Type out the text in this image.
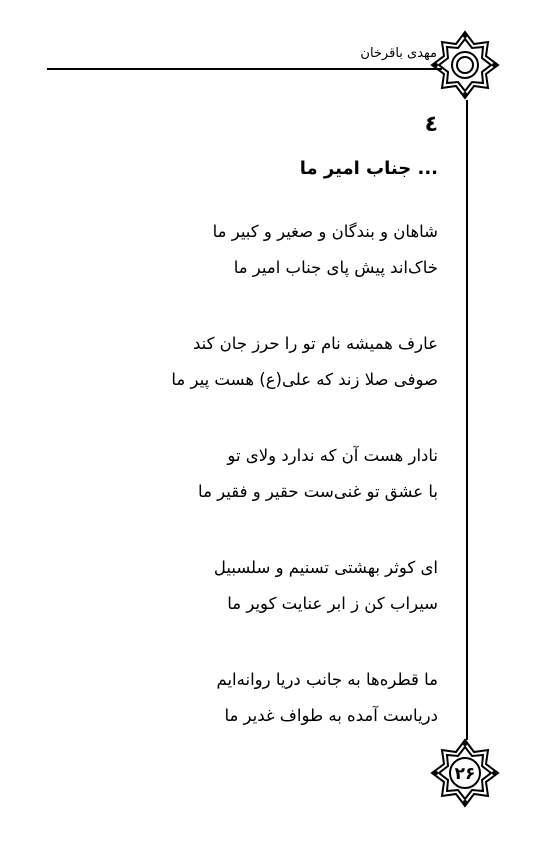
مهدی باقرخان
٤
... جناب امیر ما
شاهان و بندگان و صغیر و کبیر ما
خاک‌اند پیش پای جناب امیر ما
عارف همیشه نام تو را حرز جان کند
صوفی صلا زند که علی(ع) هست پیر ما
نادار هست آن که ندارد ولای تو
با عشق تو غنی‌ست حقیر و فقیر ما
ای کوثر بهشتی تسنیم و سلسبیل
سیراب کن ز ابر عنایت کویر ما
ما قطره‌ها به جانب دریا روانه‌ایم
دریاست آمده به طواف غدیر ما
۲۶
